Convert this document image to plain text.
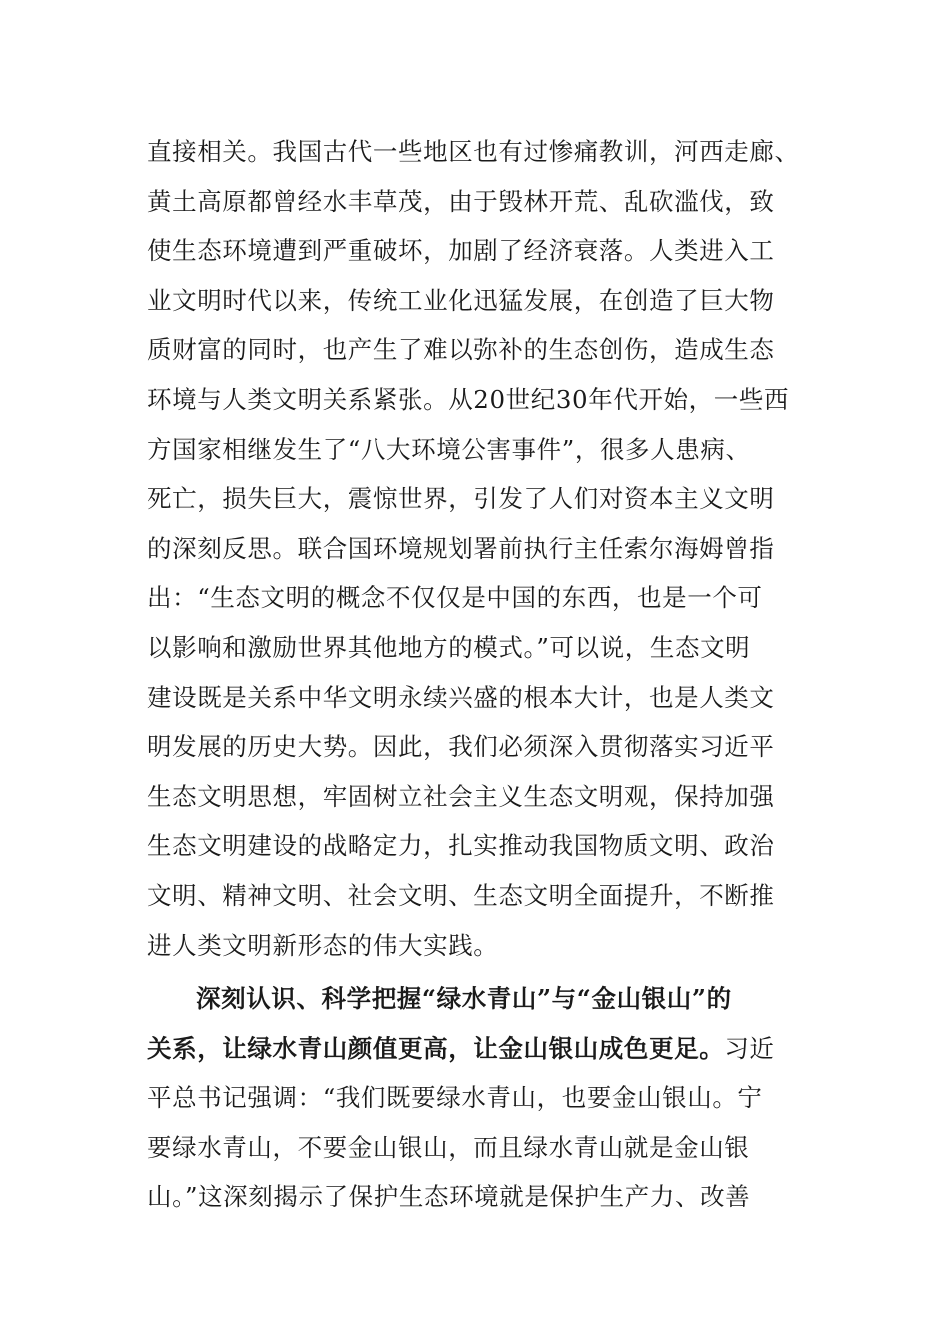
直接相关。我国古代一些地区也有过惨痛教训，河西走廊、
黄土高原都曾经水丰草茂，由于毁林开荒、乱砍滥伐，致
使生态环境遭到严重破坏，加剧了经济衰落。人类进入工
业文明时代以来，传统工业化迅猛发展，在创造了巨大物
质财富的同时，也产生了难以弥补的生态创伤，造成生态
环境与人类文明关系紧张。从20世纪30年代开始，一些西
方国家相继发生了“八大环境公害事件”，很多人患病、
死亡，损失巨大，震惊世界，引发了人们对资本主义文明
的深刻反思。联合国环境规划署前执行主任索尔海姆曾指
出：“生态文明的概念不仅仅是中国的东西，也是一个可
以影响和激励世界其他地方的模式。”可以说，生态文明
建设既是关系中华文明永续兴盛的根本大计，也是人类文
明发展的历史大势。因此，我们必须深入贯彻落实习近平
生态文明思想，牢固树立社会主义生态文明观，保持加强
生态文明建设的战略定力，扎实推动我国物质文明、政治
文明、精神文明、社会文明、生态文明全面提升，不断推
进人类文明新形态的伟大实践。
深刻认识、科学把握“绿水青山”与“金山银山”的
关系，让绿水青山颜值更高，让金山银山成色更足。习近
平总书记强调：“我们既要绿水青山，也要金山银山。宁
要绿水青山，不要金山银山，而且绿水青山就是金山银
山。”这深刻揭示了保护生态环境就是保护生产力、改善
